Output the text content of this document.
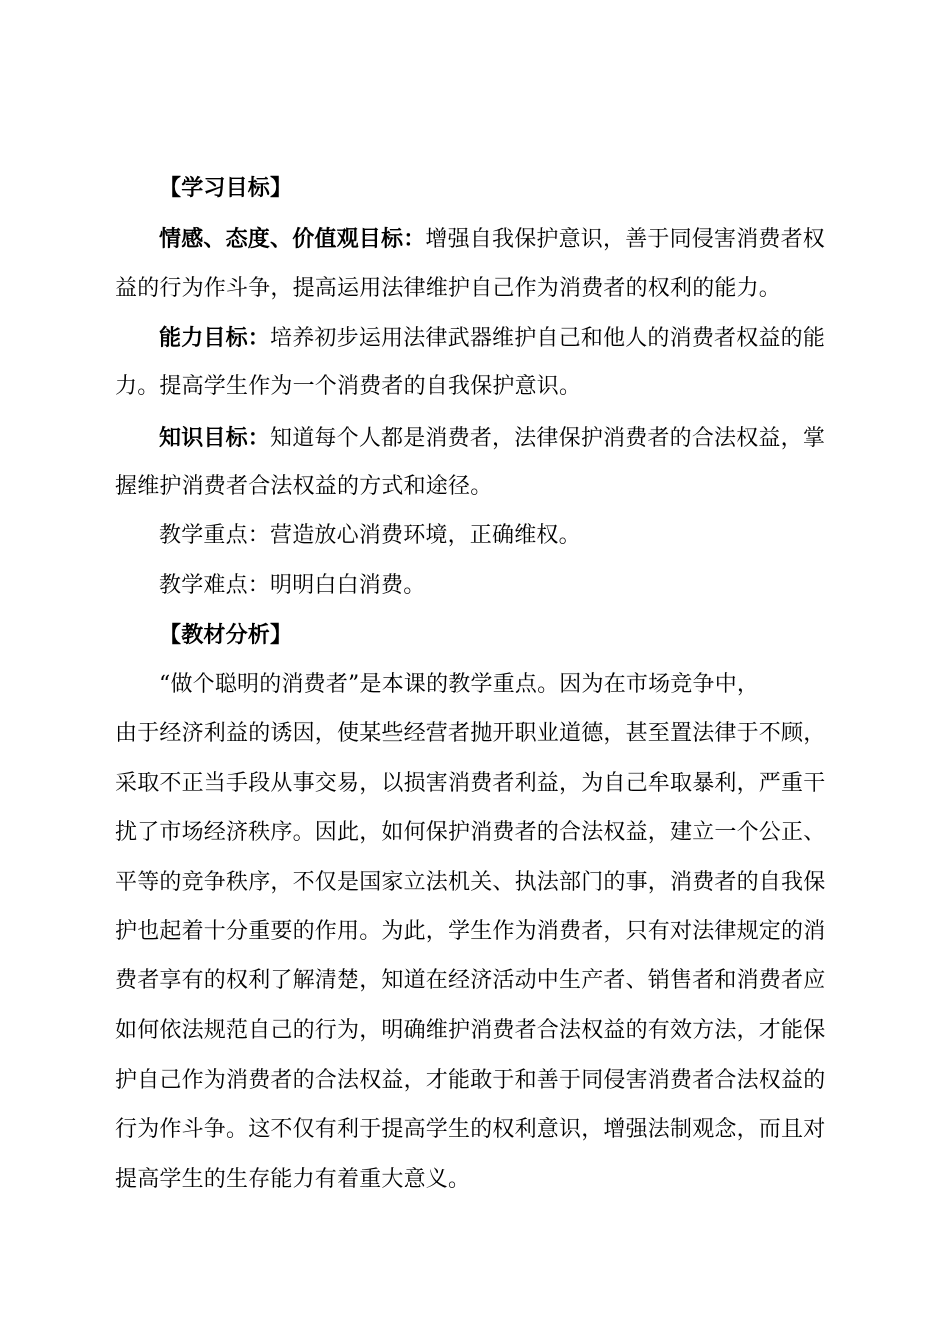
【学习目标】
情感、态度、价值观目标：增强自我保护意识，善于同侵害消费者权
益的行为作斗争，提高运用法律维护自己作为消费者的权利的能力。
能力目标：培养初步运用法律武器维护自己和他人的消费者权益的能
力。提高学生作为一个消费者的自我保护意识。
知识目标：知道每个人都是消费者，法律保护消费者的合法权益，掌
握维护消费者合法权益的方式和途径。
教学重点：营造放心消费环境，正确维权。
教学难点：明明白白消费。
【教材分析】
“做个聪明的消费者”是本课的教学重点。因为在市场竞争中，
由于经济利益的诱因，使某些经营者抛开职业道德，甚至置法律于不顾，
采取不正当手段从事交易，以损害消费者利益，为自己牟取暴利，严重干
扰了市场经济秩序。因此，如何保护消费者的合法权益，建立一个公正、
平等的竞争秩序，不仅是国家立法机关、执法部门的事，消费者的自我保
护也起着十分重要的作用。为此，学生作为消费者，只有对法律规定的消
费者享有的权利了解清楚，知道在经济活动中生产者、销售者和消费者应
如何依法规范自己的行为，明确维护消费者合法权益的有效方法，才能保
护自己作为消费者的合法权益，才能敢于和善于同侵害消费者合法权益的
行为作斗争。这不仅有利于提高学生的权利意识，增强法制观念，而且对
提高学生的生存能力有着重大意义。
